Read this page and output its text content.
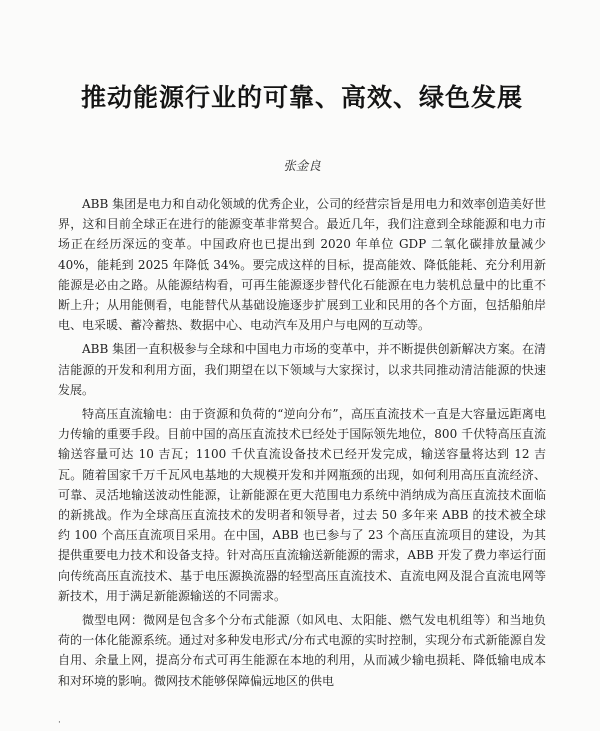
推动能源行业的可靠、高效、绿色发展
张金良

ABB 集团是电力和自动化领域的优秀企业，公司的经营宗旨是用电力和效率创造美好世界，这和目前全球正在进行的能源变革非常契合。最近几年，我们注意到全球能源和电力市场正在经历深远的变革。中国政府也已提出到 2020 年单位 GDP 二氧化碳排放量减少 40%，能耗到 2025 年降低 34%。要完成这样的目标，提高能效、降低能耗、充分利用新能源是必由之路。从能源结构看，可再生能源逐步替代化石能源在电力装机总量中的比重不断上升；从用能侧看，电能替代从基础设施逐步扩展到工业和民用的各个方面，包括船舶岸电、电采暖、蓄冷蓄热、数据中心、电动汽车及用户与电网的互动等。

ABB 集团一直积极参与全球和中国电力市场的变革中，并不断提供创新解决方案。在清洁能源的开发和利用方面，我们期望在以下领域与大家探讨，以求共同推动清洁能源的快速发展。

特高压直流输电：由于资源和负荷的“逆向分布”，高压直流技术一直是大容量远距离电力传输的重要手段。目前中国的高压直流技术已经处于国际领先地位，800 千伏特高压直流输送容量可达 10 吉瓦；1100 千伏直流设备技术已经开发完成，输送容量将达到 12 吉瓦。随着国家千万千瓦风电基地的大规模开发和并网瓶颈的出现，如何利用高压直流经济、可靠、灵活地输送波动性能源，让新能源在更大范围电力系统中消纳成为高压直流技术面临的新挑战。作为全球高压直流技术的发明者和领导者，过去 50 多年来 ABB 的技术被全球约 100 个高压直流项目采用。在中国，ABB 也已参与了 23 个高压直流项目的建设，为其提供重要电力技术和设备支持。针对高压直流输送新能源的需求，ABB 开发了费力率运行面向传统高压直流技术、基于电压源换流器的轻型高压直流技术、直流电网及混合直流电网等新技术，用于满足新能源输送的不同需求。

微型电网：微网是包含多个分布式能源（如风电、太阳能、燃气发电机组等）和当地负荷的一体化能源系统。通过对多种发电形式/分布式电源的实时控制，实现分布式新能源自发自用、余量上网，提高分布式可再生能源在本地的利用，从而减少输电损耗、降低输电成本和对环境的影响。微网技术能够保障偏远地区的供电

·
